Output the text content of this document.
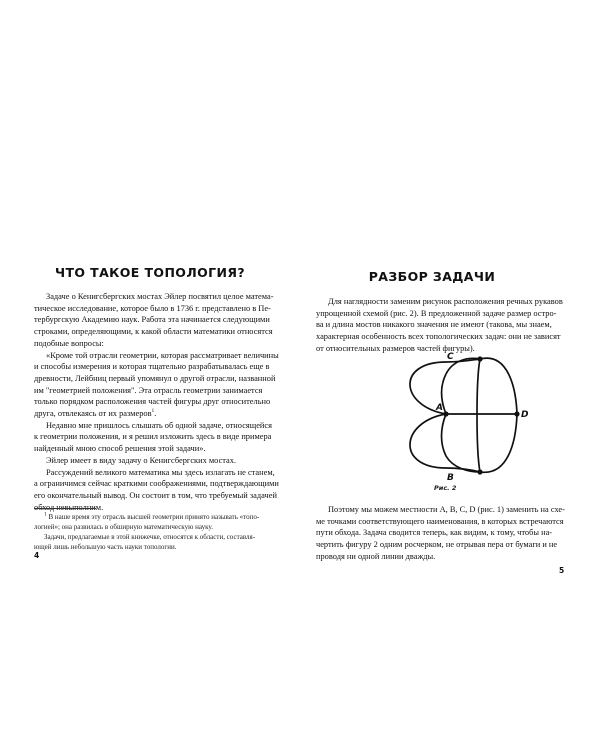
ЧТО ТАКОЕ ТОПОЛОГИЯ?

Задаче о Кенигсбергских мостах Эйлер посвятил целое матема-
тическое исследование, которое было в 1736 г. представлено в Пе-
тербургскую Академию наук. Работа эта начинается следующими
строками, определяющими, к какой области математики относятся
подобные вопросы:

«Кроме той отрасли геометрии, которая рассматривает величины
и способы измерения и которая тщательно разрабатывалась еще в
древности, Лейбниц первый упомянул о другой отрасли, названной
им "геометрией положения". Эта отрасль геометрии занимается
только порядком расположения частей фигуры друг относительно
друга, отвлекаясь от их размеров$^1$.

Недавно мне пришлось слышать об одной задаче, относящейся
к геометрии положения, и я решил изложить здесь в виде примера
найденный мною способ решения этой задачи».

Эйлер имеет в виду задачу о Кенигсбергских мостах.

Рассуждений великого математика мы здесь излагать не станем,
а ограничимся сейчас краткими соображениями, подтверждающими
его окончательный вывод. Он состоит в том, что требуемый задачей
обход невыполним.

$^1$ В наше время эту отрасль высшей геометрии принято называть «топо-
логией»; она развилась в обширную математическую науку.
Задачи, предлагаемые в этой книжечке, относятся к области, составля-
ющей лишь небольшую часть науки топологии.
4
РАЗБОР ЗАДАЧИ
Для наглядности заменим рисунок расположения речных рукавов
упрощенной схемой (рис. 2). В предложенной задаче размер остро-
ва и длина мостов никакого значения не имеют (такова, мы знаем,
характерная особенность всех топологических задач: они не зависят
от относительных размеров частей фигуры).
A
C
D
B
Рис. 2
Поэтому мы можем местности A, B, C, D (рис. 1) заменить на схе-
ме точками соответствующего наименования, в которых встречаются
пути обхода. Задача сводится теперь, как видим, к тому, чтобы на-
чертить фигуру 2 одним росчерком, не отрывая пера от бумаги и не
проводя ни одной линии дважды.
5
